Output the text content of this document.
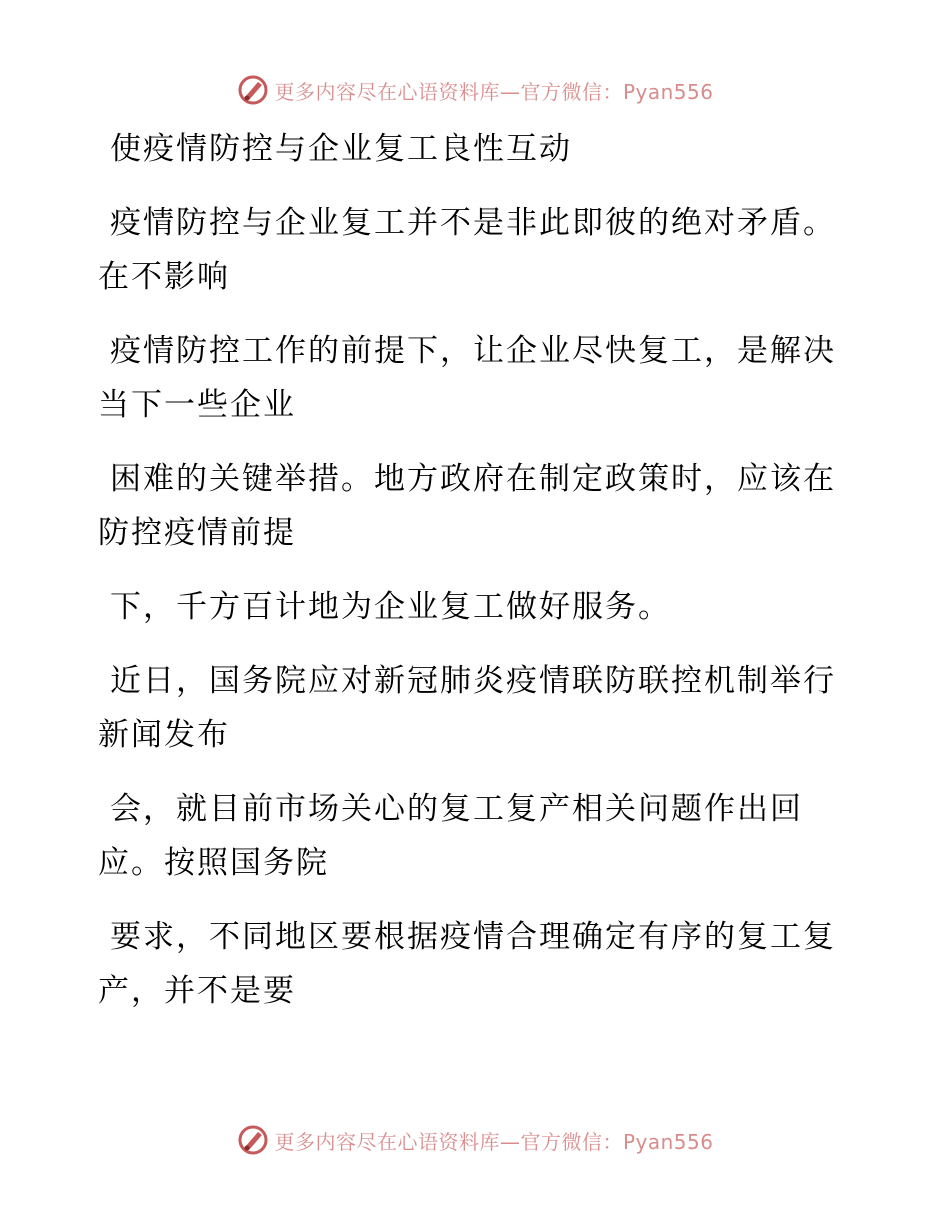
更多内容尽在心语资料库—官方微信：Pyan556

使疫情防控与企业复工良性互动

疫情防控与企业复工并不是非此即彼的绝对矛盾。在不影响

疫情防控工作的前提下，让企业尽快复工，是解决当下一些企业

困难的关键举措。地方政府在制定政策时，应该在防控疫情前提

下，千方百计地为企业复工做好服务。

近日，国务院应对新冠肺炎疫情联防联控机制举行新闻发布

会，就目前市场关心的复工复产相关问题作出回应。按照国务院

要求，不同地区要根据疫情合理确定有序的复工复产，并不是要

更多内容尽在心语资料库—官方微信：Pyan556
